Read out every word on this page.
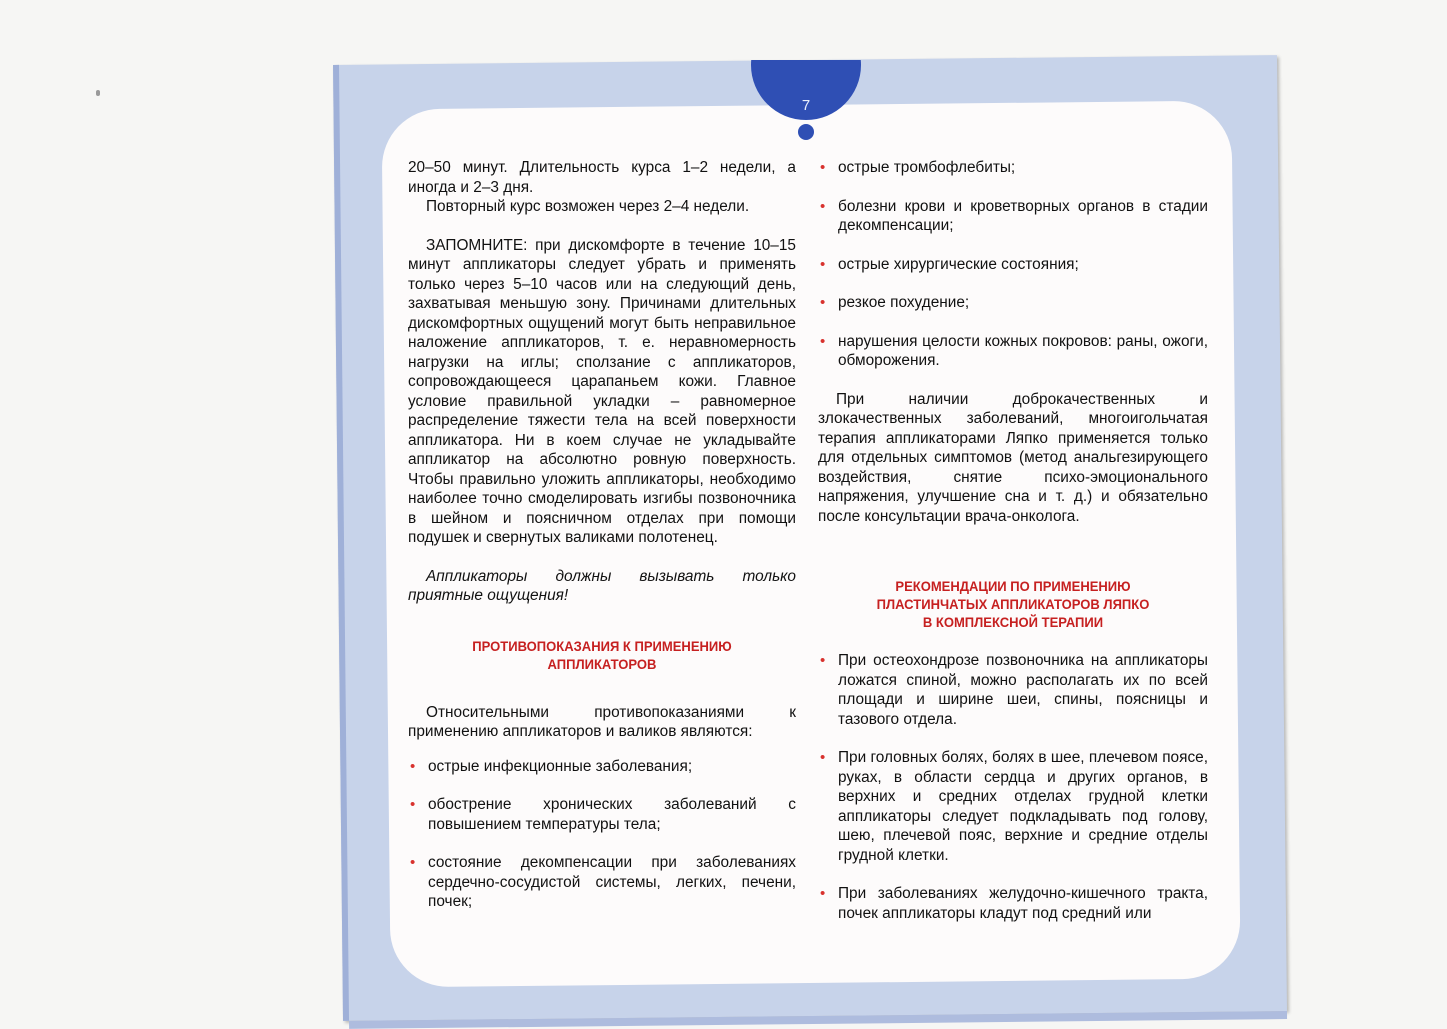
7

20–50 минут. Длительность курса 1–2 недели, а иногда и 2–3 дня.

Повторный курс возможен через 2–4 недели.

ЗАПОМНИТЕ: при дискомфорте в течение 10–15 минут аппликаторы следует убрать и применять только через 5–10 часов или на следующий день, захватывая меньшую зону. Причинами длительных дискомфортных ощущений могут быть неправильное наложение аппликаторов, т. е. неравномерность нагрузки на иглы; сползание с аппликаторов, сопровождающееся царапаньем кожи. Главное условие правильной укладки – равномерное распределение тяжести тела на всей поверхности аппликатора. Ни в коем случае не укладывайте аппликатор на абсолютно ровную поверхность. Чтобы правильно уложить аппликаторы, необходимо наиболее точно смоделировать изгибы позвоночника в шейном и поясничном отделах при помощи подушек и свернутых валиками полотенец.

Аппликаторы должны вызывать только приятные ощущения!

ПРОТИВОПОКАЗАНИЯ К ПРИМЕНЕНИЮ АППЛИКАТОРОВ

Относительными противопоказаниями к применению аппликаторов и валиков являются:

• острые инфекционные заболевания;
• обострение хронических заболеваний с повышением температуры тела;
• состояние декомпенсации при заболеваниях сердечно-сосудистой системы, легких, печени, почек;
• острые тромбофлебиты;
• болезни крови и кроветворных органов в стадии декомпенсации;
• острые хирургические состояния;
• резкое похудение;
• нарушения целости кожных покровов: раны, ожоги, обморожения.

При наличии доброкачественных и злокачественных заболеваний, многоигольчатая терапия аппликаторами Ляпко применяется только для отдельных симптомов (метод анальгезирующего воздействия, снятие психо-эмоционального напряжения, улучшение сна и т. д.) и обязательно после консультации врача-онколога.

РЕКОМЕНДАЦИИ ПО ПРИМЕНЕНИЮ
ПЛАСТИНЧАТЫХ АППЛИКАТОРОВ ЛЯПКО
В КОМПЛЕКСНОЙ ТЕРАПИИ
• При остеохондрозе позвоночника на аппликаторы ложатся спиной, можно располагать их по всей площади и ширине шеи, спины, поясницы и тазового отдела.
• При головных болях, болях в шее, плечевом поясе, руках, в области сердца и других органов, в верхних и средних отделах грудной клетки аппликаторы следует подкладывать под голову, шею, плечевой пояс, верхние и средние отделы грудной клетки.
• При заболеваниях желудочно-кишечного тракта, почек аппликаторы кладут под средний или
